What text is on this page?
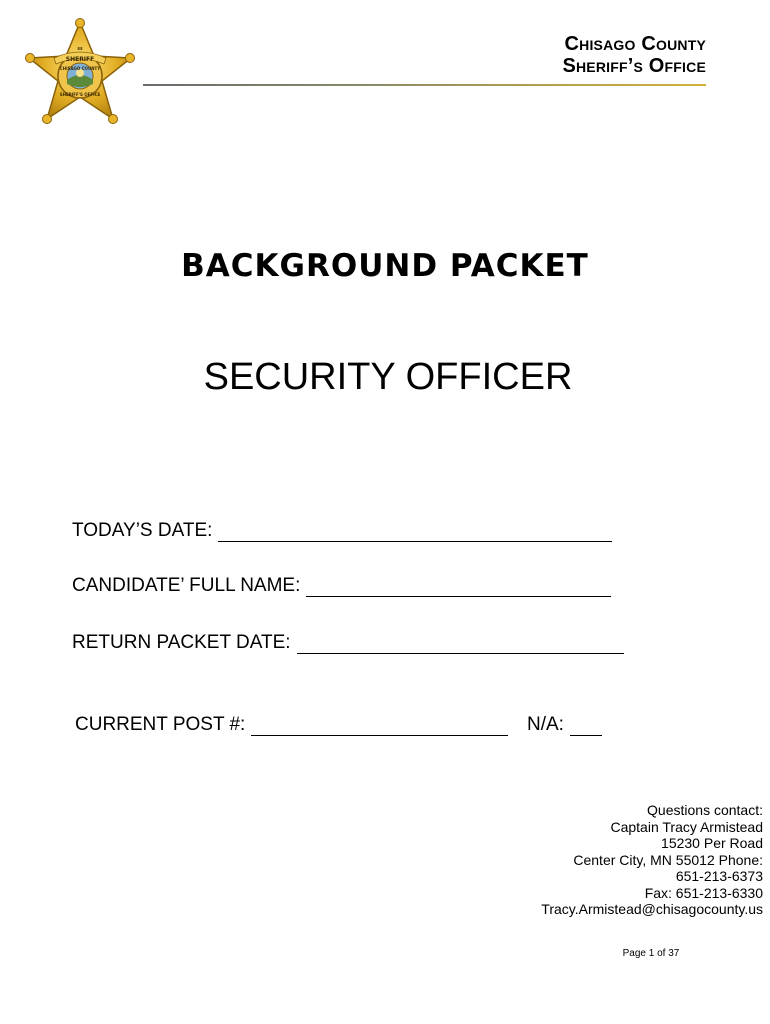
SHERIFF
ııı
CHISAGO COUNTY
SHERIFF'S OFFICE
Chisago County
Sheriff’s Office
BACKGROUND PACKET
SECURITY OFFICER
TODAY’S DATE:
CANDIDATE’ FULL NAME:
RETURN PACKET DATE:
CURRENT POST #:	N/A:
Questions contact:
Captain Tracy Armistead
15230 Per Road
Center City, MN 55012 Phone:
651-213-6373
Fax: 651-213-6330
Tracy.Armistead@chisagocounty.us
Page 1 of 37
